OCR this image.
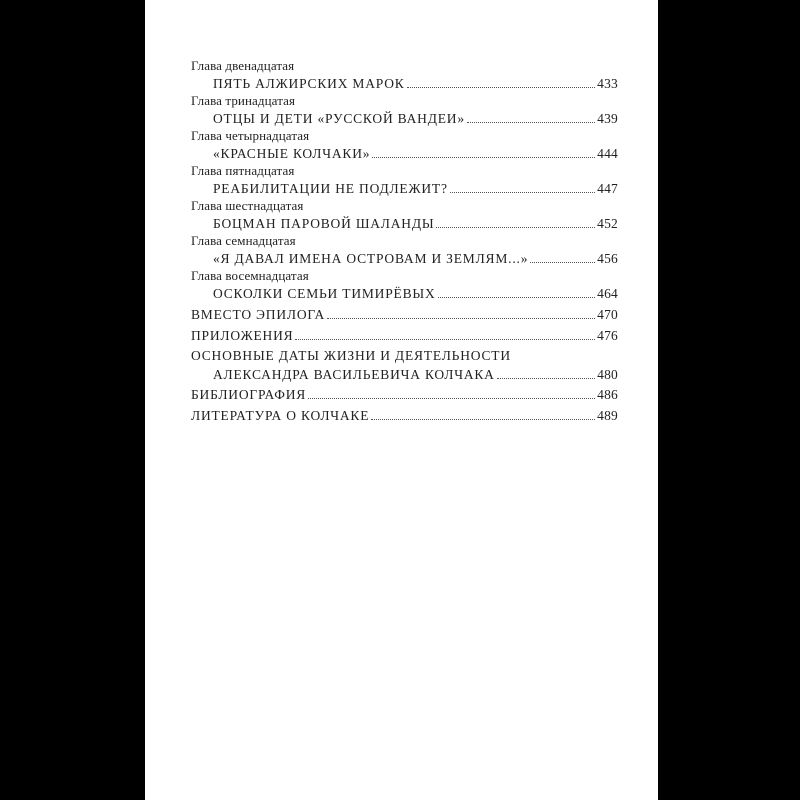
Глава двенадцатая
ПЯТЬ АЛЖИРСКИХ МАРОК	433
Глава тринадцатая
ОТЦЫ И ДЕТИ «РУССКОЙ ВАНДЕИ»	439
Глава четырнадцатая
«КРАСНЫЕ КОЛЧАКИ»	444
Глава пятнадцатая
РЕАБИЛИТАЦИИ НЕ ПОДЛЕЖИТ?	447
Глава шестнадцатая
БОЦМАН ПАРОВОЙ ШАЛАНДЫ	452
Глава семнадцатая
«Я ДАВАЛ ИМЕНА ОСТРОВАМ И ЗЕМЛЯМ...»	456
Глава восемнадцатая
ОСКОЛКИ СЕМЬИ ТИМИРЁВЫХ	464
ВМЕСТО ЭПИЛОГА	470
ПРИЛОЖЕНИЯ	476
ОСНОВНЫЕ ДАТЫ ЖИЗНИ И ДЕЯТЕЛЬНОСТИ
АЛЕКСАНДРА ВАСИЛЬЕВИЧА КОЛЧАКА	480
БИБЛИОГРАФИЯ	486
ЛИТЕРАТУРА О КОЛЧАКЕ	489
